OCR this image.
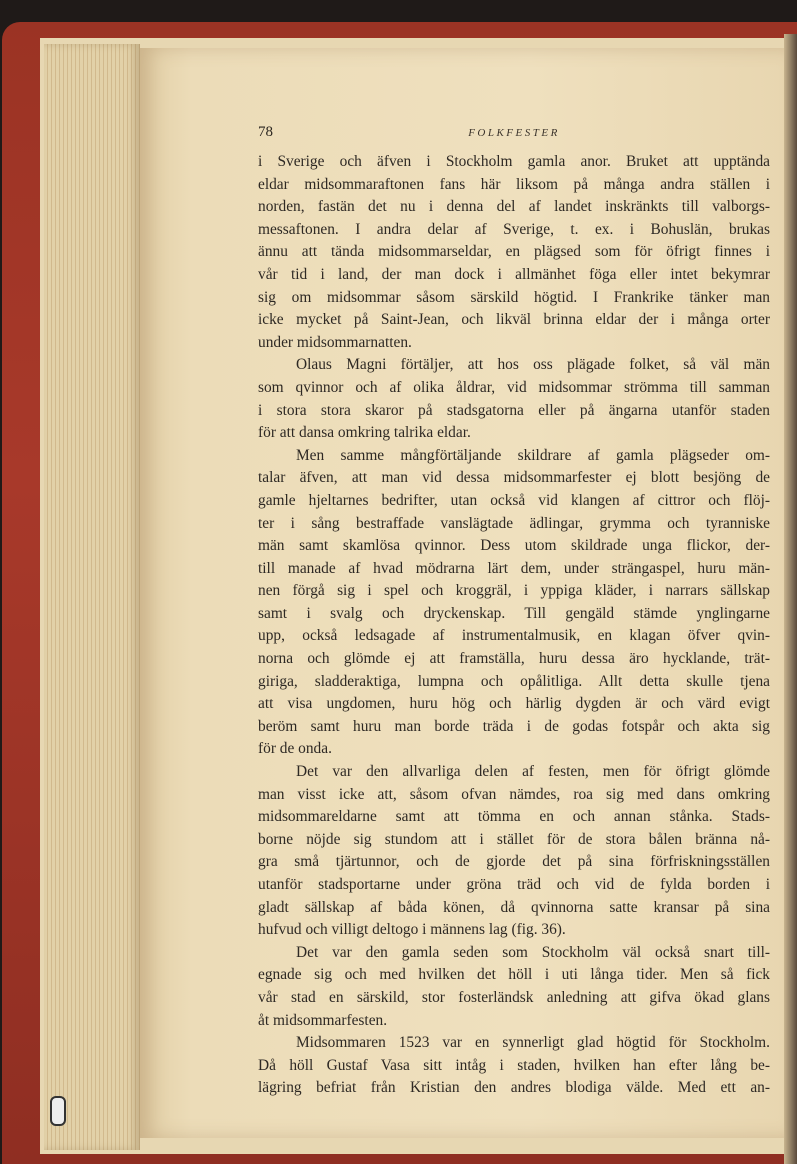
78	FOLKFESTER
i Sverige och äfven i Stockholm gamla anor. Bruket att upptända
eldar midsommaraftonen fans här liksom på många andra ställen i
norden, fastän det nu i denna del af landet inskränkts till valborgs-
messaftonen. I andra delar af Sverige, t. ex. i Bohuslän, brukas
ännu att tända midsommarseldar, en plägsed som för öfrigt finnes i
vår tid i land, der man dock i allmänhet föga eller intet bekymrar
sig om midsommar såsom särskild högtid. I Frankrike tänker man
icke mycket på Saint-Jean, och likväl brinna eldar der i många orter
under midsommarnatten.
Olaus Magni förtäljer, att hos oss plägade folket, så väl män
som qvinnor och af olika åldrar, vid midsommar strömma till samman
i stora stora skaror på stadsgatorna eller på ängarna utanför staden
för att dansa omkring talrika eldar.
Men samme mångförtäljande skildrare af gamla plägseder om-
talar äfven, att man vid dessa midsommarfester ej blott besjöng de
gamle hjeltarnes bedrifter, utan också vid klangen af cittror och flöj-
ter i sång bestraffade vanslägtade ädlingar, grymma och tyranniske
män samt skamlösa qvinnor. Dess utom skildrade unga flickor, der-
till manade af hvad mödrarna lärt dem, under strängaspel, huru män-
nen förgå sig i spel och kroggräl, i yppiga kläder, i narrars sällskap
samt i svalg och dryckenskap. Till gengäld stämde ynglingarne
upp, också ledsagade af instrumentalmusik, en klagan öfver qvin-
norna och glömde ej att framställa, huru dessa äro hycklande, trät-
giriga, sladderaktiga, lumpna och opålitliga. Allt detta skulle tjena
att visa ungdomen, huru hög och härlig dygden är och värd evigt
beröm samt huru man borde träda i de godas fotspår och akta sig
för de onda.
Det var den allvarliga delen af festen, men för öfrigt glömde
man visst icke att, såsom ofvan nämdes, roa sig med dans omkring
midsommareldarne samt att tömma en och annan stånka. Stads-
borne nöjde sig stundom att i stället för de stora bålen bränna nå-
gra små tjärtunnor, och de gjorde det på sina förfriskningsställen
utanför stadsportarne under gröna träd och vid de fylda borden i
gladt sällskap af båda könen, då qvinnorna satte kransar på sina
hufvud och villigt deltogo i männens lag (fig. 36).
Det var den gamla seden som Stockholm väl också snart till-
egnade sig och med hvilken det höll i uti långa tider. Men så fick
vår stad en särskild, stor fosterländsk anledning att gifva ökad glans
åt midsommarfesten.
Midsommaren 1523 var en synnerligt glad högtid för Stockholm.
Då höll Gustaf Vasa sitt intåg i staden, hvilken han efter lång be-
lägring befriat från Kristian den andres blodiga välde. Med ett an-
